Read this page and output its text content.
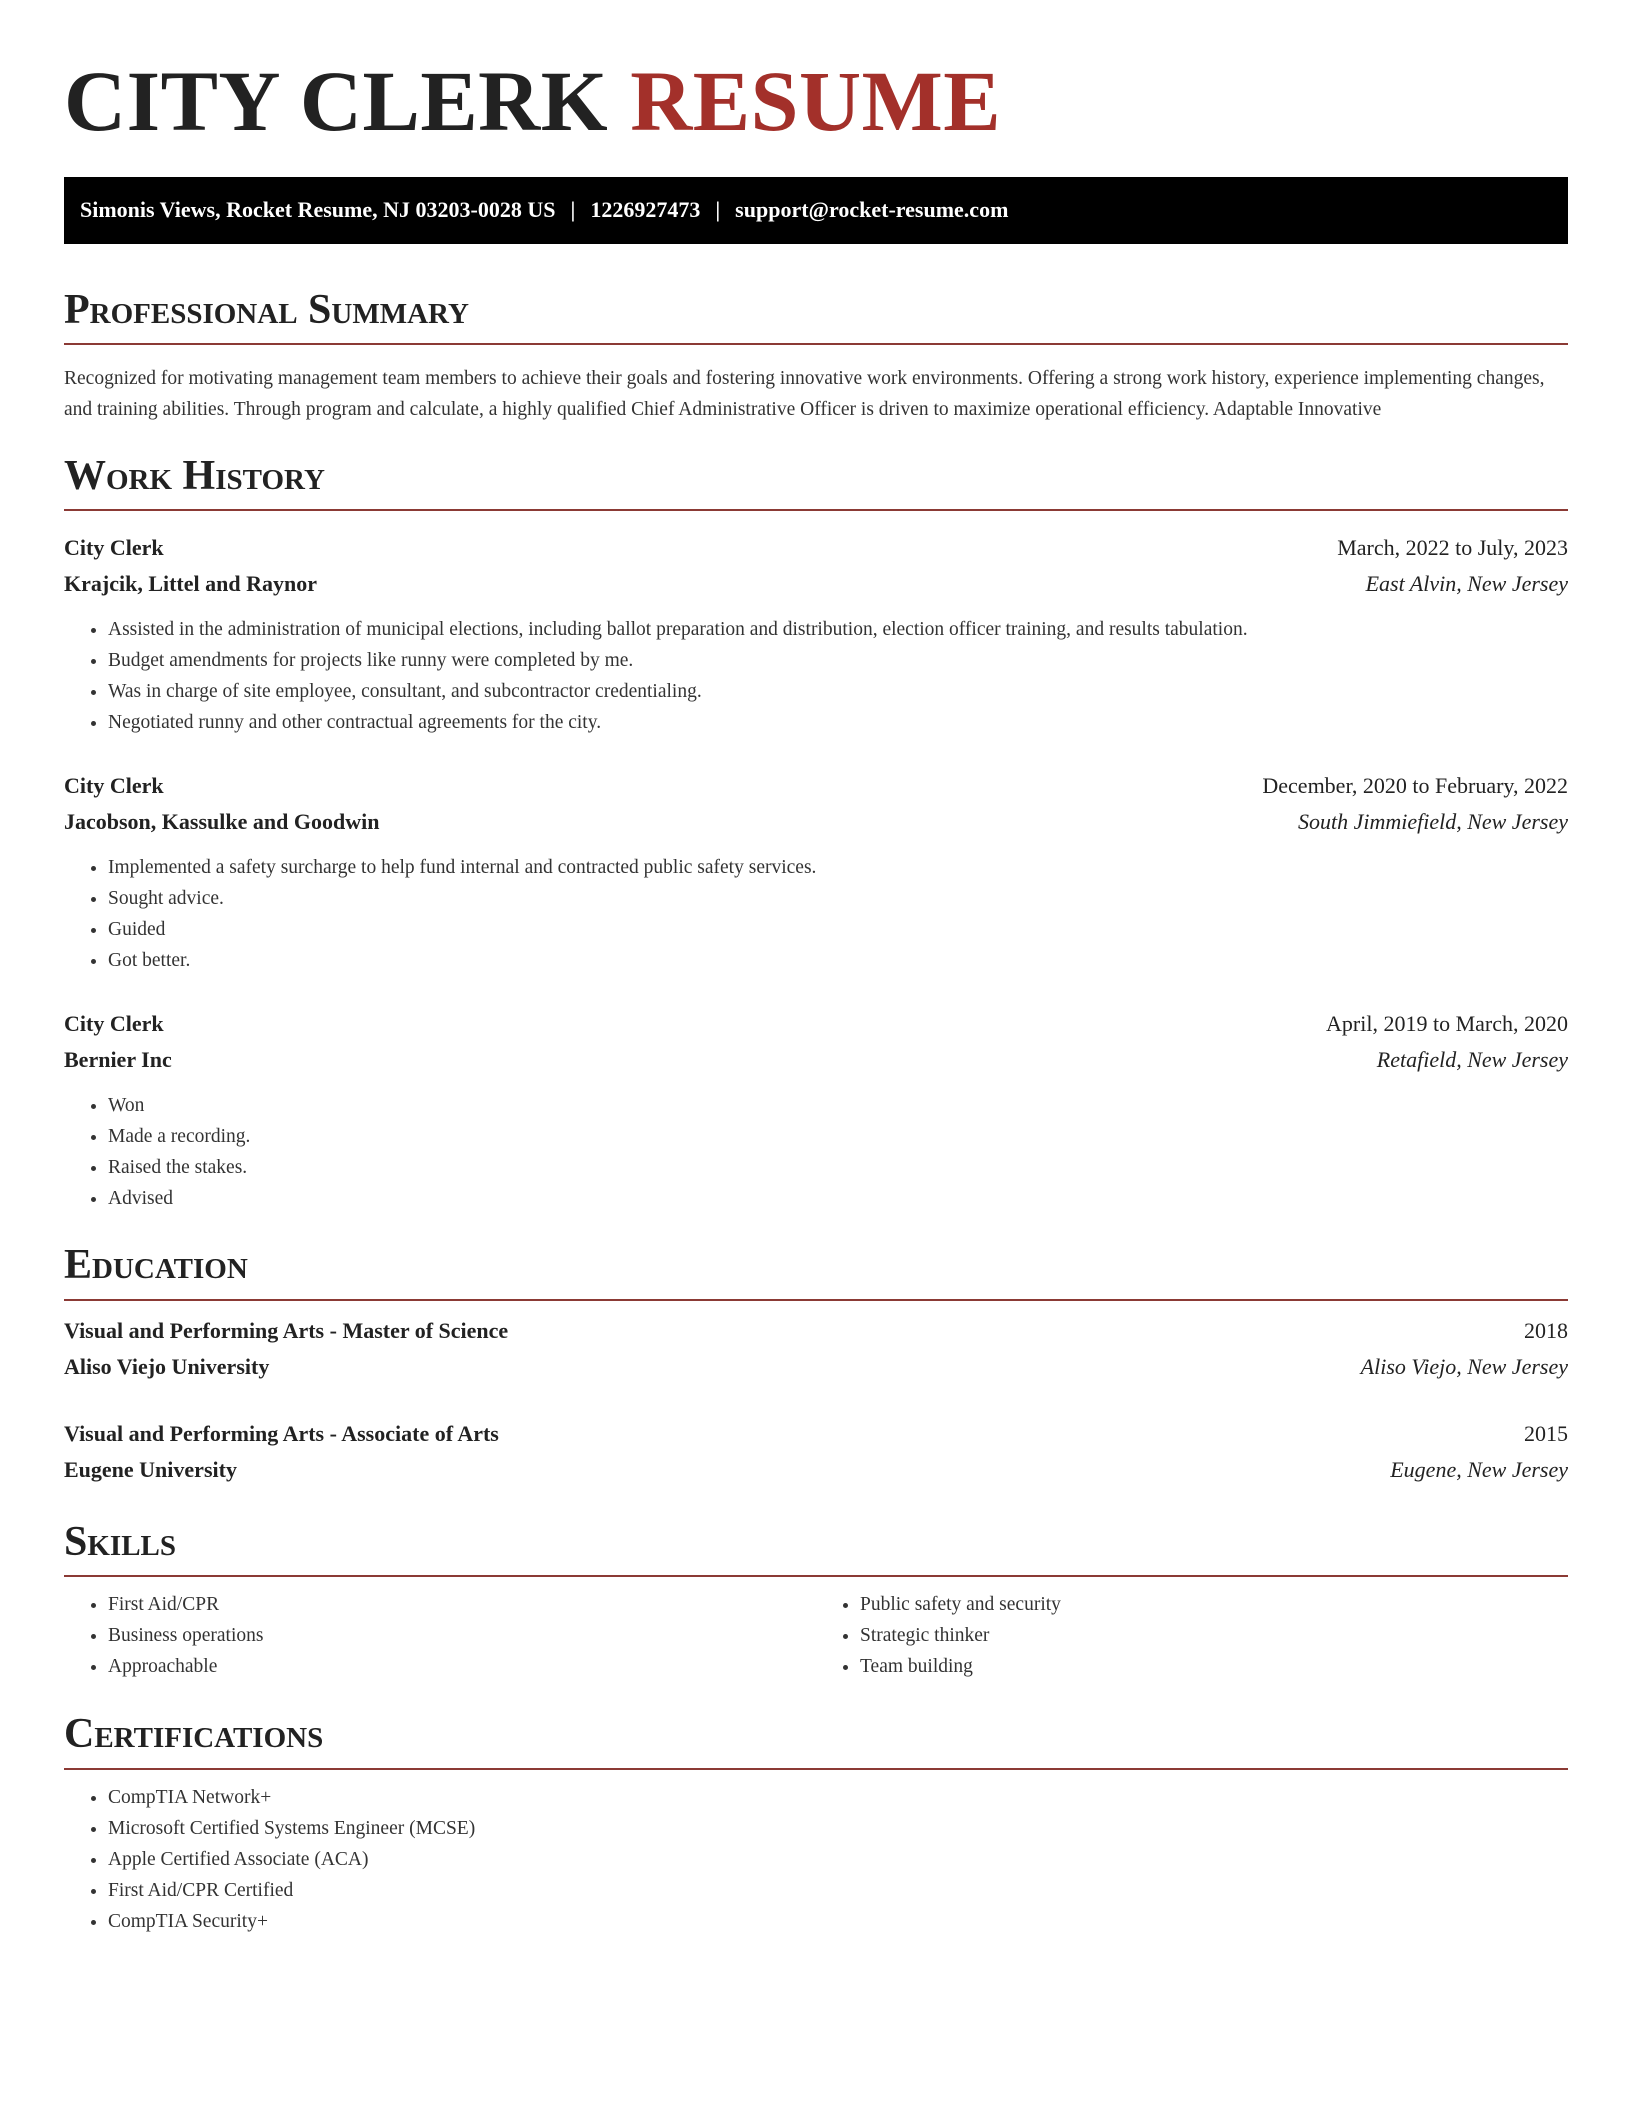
CITY CLERK RESUME
Simonis Views, Rocket Resume, NJ 03203-0028 US | 1226927473 | support@rocket-resume.com
Professional Summary

Recognized for motivating management team members to achieve their goals and fostering innovative work environments. Offering a strong work history, experience implementing changes, and training abilities. Through program and calculate, a highly qualified Chief Administrative Officer is driven to maximize operational efficiency. Adaptable Innovative

Work History
City Clerk	March, 2022 to July, 2023
Krajcik, Littel and Raynor	East Alvin, New Jersey
• Assisted in the administration of municipal elections, including ballot preparation and distribution, election officer training, and results tabulation.
• Budget amendments for projects like runny were completed by me.
• Was in charge of site employee, consultant, and subcontractor credentialing.
• Negotiated runny and other contractual agreements for the city.
City Clerk	December, 2020 to February, 2022
Jacobson, Kassulke and Goodwin	South Jimmiefield, New Jersey
• Implemented a safety surcharge to help fund internal and contracted public safety services.
• Sought advice.
• Guided
• Got better.
City Clerk	April, 2019 to March, 2020
Bernier Inc	Retafield, New Jersey
• Won
• Made a recording.
• Raised the stakes.
• Advised
Education
Visual and Performing Arts - Master of Science	2018
Aliso Viejo University	Aliso Viejo, New Jersey
Visual and Performing Arts - Associate of Arts	2015
Eugene University	Eugene, New Jersey
Skills
• First Aid/CPR
• Business operations
• Approachable
• Public safety and security
• Strategic thinker
• Team building
Certifications
• CompTIA Network+
• Microsoft Certified Systems Engineer (MCSE)
• Apple Certified Associate (ACA)
• First Aid/CPR Certified
• CompTIA Security+
